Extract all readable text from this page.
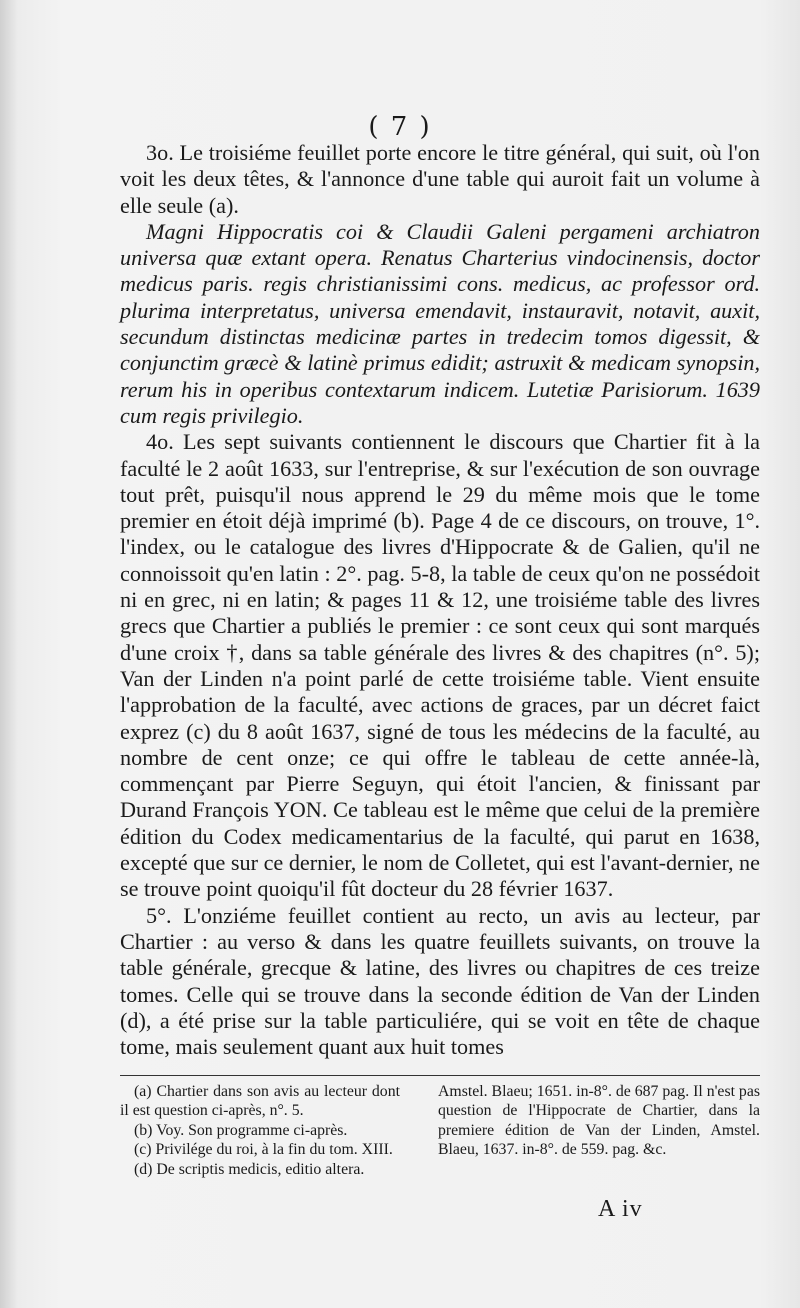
( 7 )

3o. Le troisiéme feuillet porte encore le titre général, qui suit, où l'on voit les deux têtes, & l'annonce d'une table qui auroit fait un volume à elle seule (a).

Magni Hippocratis coi & Claudii Galeni pergameni archiatron universa quæ extant opera. Renatus Charterius vindocinensis, doctor medicus paris. regis christianissimi cons. medicus, ac professor ord. plurima interpretatus, universa emendavit, instauravit, notavit, auxit, secundum distinctas medicinæ partes in tredecim tomos digessit, & conjunctim græcè & latinè primus edidit; astruxit & medicam synopsin, rerum his in operibus contextarum indicem. Lutetiæ Parisiorum. 1639 cum regis privilegio.

4o. Les sept suivants contiennent le discours que Chartier fit à la faculté le 2 août 1633, sur l'entreprise, & sur l'exécution de son ouvrage tout prêt, puisqu'il nous apprend le 29 du même mois que le tome premier en étoit déjà imprimé (b). Page 4 de ce discours, on trouve, 1°. l'index, ou le catalogue des livres d'Hippocrate & de Galien, qu'il ne connoissoit qu'en latin : 2°. pag. 5-8, la table de ceux qu'on ne possédoit ni en grec, ni en latin; & pages 11 & 12, une troisiéme table des livres grecs que Chartier a publiés le premier : ce sont ceux qui sont marqués d'une croix †, dans sa table générale des livres & des chapitres (n°. 5); Van der Linden n'a point parlé de cette troisiéme table. Vient ensuite l'approbation de la faculté, avec actions de graces, par un décret faict exprez (c) du 8 août 1637, signé de tous les médecins de la faculté, au nombre de cent onze; ce qui offre le tableau de cette année-là, commençant par Pierre Seguyn, qui étoit l'ancien, & finissant par Durand François YON. Ce tableau est le même que celui de la première édition du Codex medicamentarius de la faculté, qui parut en 1638, excepté que sur ce dernier, le nom de Colletet, qui est l'avant-dernier, ne se trouve point quoiqu'il fût docteur du 28 février 1637.

5°. L'onziéme feuillet contient au recto, un avis au lecteur, par Chartier : au verso & dans les quatre feuillets suivants, on trouve la table générale, grecque & latine, des livres ou chapitres de ces treize tomes. Celle qui se trouve dans la seconde édition de Van der Linden (d), a été prise sur la table particuliére, qui se voit en tête de chaque tome, mais seulement quant aux huit tomes

(a) Chartier dans son avis au lecteur dont il est question ci-après, n°. 5.

(b) Voy. Son programme ci-après.

(c) Privilége du roi, à la fin du tom. XIII.

(d) De scriptis medicis, editio altera.

Amstel. Blaeu; 1651. in-8°. de 687 pag. Il n'est pas question de l'Hippocrate de Chartier, dans la premiere édition de Van der Linden, Amstel. Blaeu, 1637. in-8°. de 559. pag. &c.

A iv
